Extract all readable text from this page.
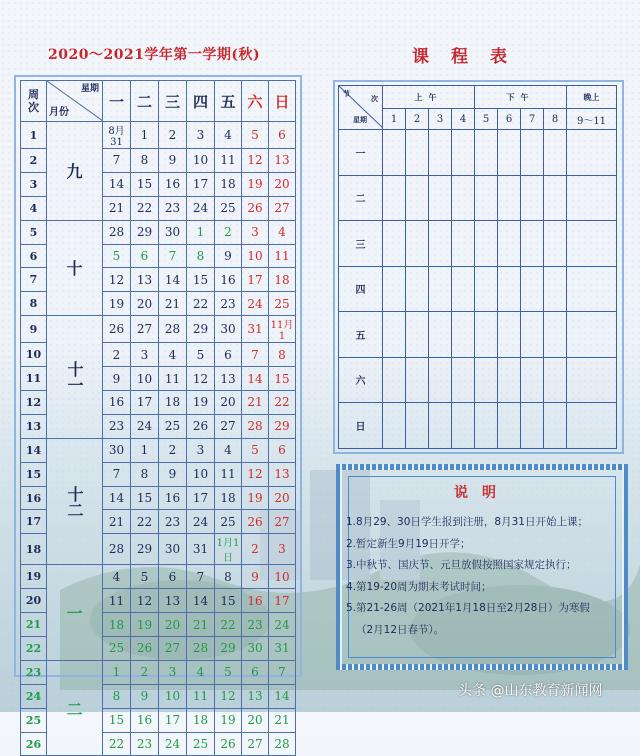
2020～2021学年第一学期(秋)	课程表
周
次	星期
月份	一	二	三	四	五	六	日
1	九	8月31	1	2	3	4	5	6
2		7	8	9	10	11	12	13
3		14	15	16	17	18	19	20
4		21	22	23	24	25	26	27
5	十	28	29	30	1	2	3	4
6		5	6	7	8	9	10	11
7		12	13	14	15	16	17	18
8		19	20	21	22	23	24	25
9	十一	26	27	28	29	30	31	11月1
10		2	3	4	5	6	7	8
11		9	10	11	12	13	14	15
12		16	17	18	19	20	21	22
13		23	24	25	26	27	28	29
14	十二	30	1	2	3	4	5	6
15		7	8	9	10	11	12	13
16		14	15	16	17	18	19	20
17		21	22	23	24	25	26	27
18		28	29	30	31	1月1日	2	3
19	一	4	5	6	7	8	9	10
20		11	12	13	14	15	16	17
21		18	19	20	21	22	23	24
22		25	26	27	28	29	30	31
23	二	1	2	3	4	5	6	7
24		8	9	10	11	12	13	14
25		15	16	17	18	19	20	21
26		22	23	24	25	26	27	28
节
次
星期	上午				下午				晚上
	1	2	3	4	5	6	7	8	9～11
一									
二									
三									
四									
五									
六									
日									
说明
1.8月29、30日学生报到注册，8月31日开始上课；
2.暂定新生9月19日开学；
3.中秋节、国庆节、元旦放假按照国家规定执行；
4.第19-20周为期末考试时间；
5.第21-26周（2021年1月18日至2月28日）为寒假
（2月12日春节）。
头条 @山东教育新闻网
